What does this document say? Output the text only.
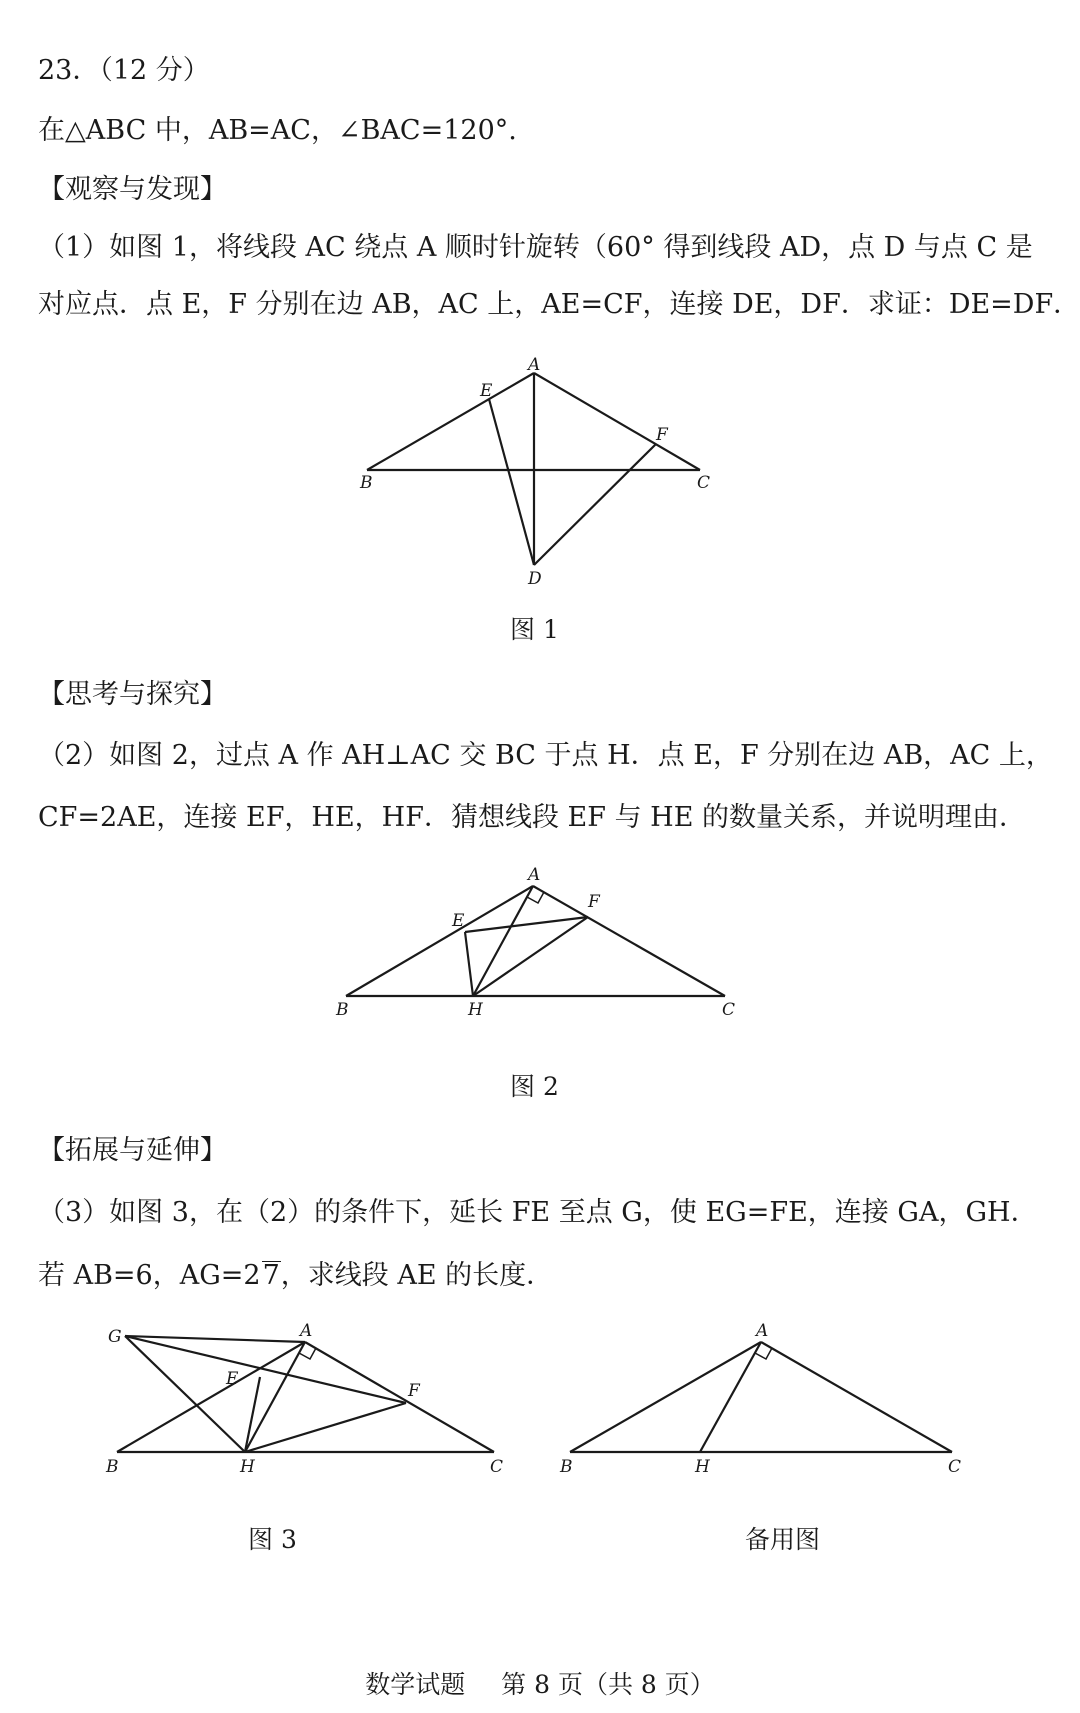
23．（12 分）
在△ABC 中，AB=AC，∠BAC=120°.
【观察与发现】
（1）如图 1，将线段 AC 绕点 A 顺时针旋转（60° 得到线段 AD，点 D 与点 C 是
对应点．点 E，F 分别在边 AB，AC 上，AE=CF，连接 DE，DF．求证：DE=DF．
A
E
F
B	C
D
图 1
【思考与探究】
（2）如图 2，过点 A 作 AH⊥AC 交 BC 于点 H．点 E，F 分别在边 AB，AC 上，
CF=2AE，连接 EF，HE，HF．猜想线段 EF 与 HE 的数量关系，并说明理由．
A
E
F
B	H	C
图 2
【拓展与延伸】
（3）如图 3，在（2）的条件下，延长 FE 至点 G，使 EG=FE，连接 GA，GH．
若 AB=6，AG=27，求线段 AE 的长度．
G	A
E
F
B	H	C
图 3
A
B	H	C
备用图
数学试题 第 8 页（共 8 页）
